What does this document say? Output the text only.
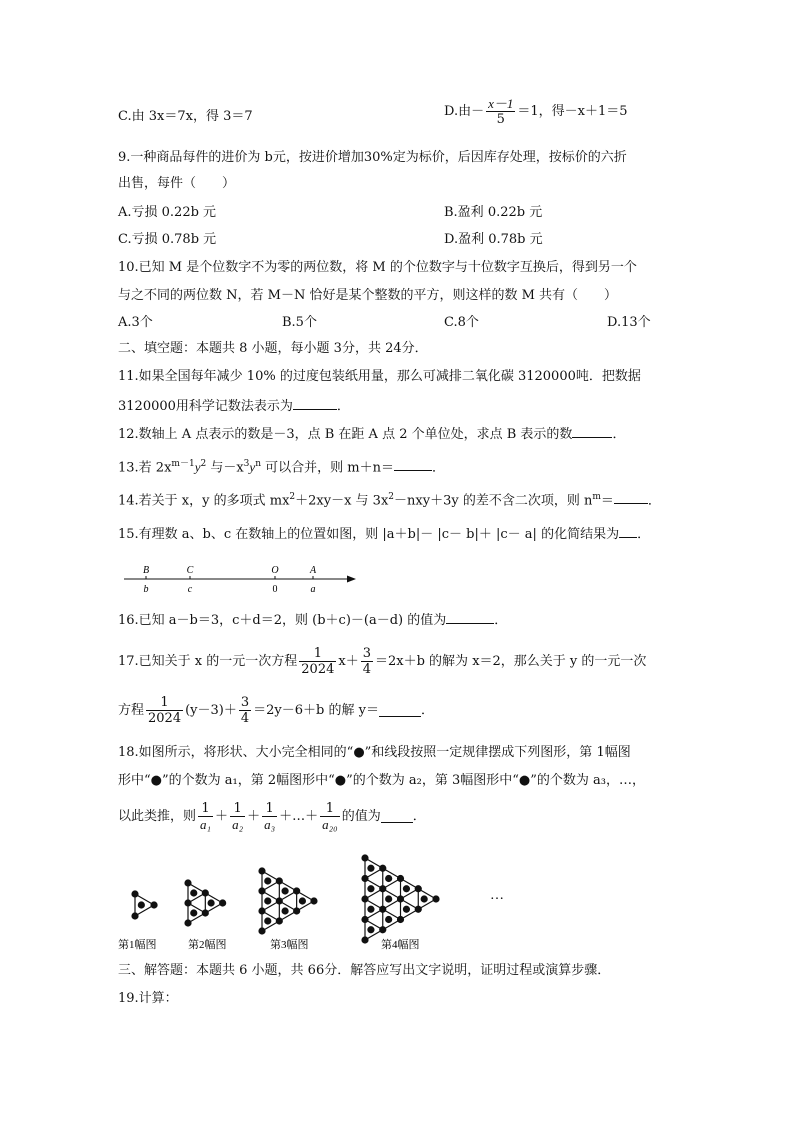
C.由 3x＝7x，得 3＝7	D.由－ $\frac{x-1}{5} =1$，得－x＋1＝5
9.一种商品每件的进价为 b元，按进价增加30%定为标价，后因库存处理，按标价的六折
出售，每件（　　）
A.亏损 0.22b 元	B.盈利 0.22b 元
C.亏损 0.78b 元	D.盈利 0.78b 元
10.已知 M 是个位数字不为零的两位数，将 M 的个位数字与十位数字互换后，得到另一个
与之不同的两位数 N，若 M－N 恰好是某个整数的平方，则这样的数 M 共有（　　）
A.3个	B.5个	C.8个	D.13个
二、填空题：本题共 8 小题，每小题 3分，共 24分．
11.如果全国每年减少 10% 的过度包装纸用量，那么可减排二氧化碳 3120000吨．把数据
3120000用科学记数法表示为	．
12.数轴上 A 点表示的数是－3，点 B 在距 A 点 2 个单位处，求点 B 表示的数	．
13.若 $2x^{m-1}y^2$ 与$-x^3y^n$ 可以合并，则 m＋n＝	．
14.若关于 x，y 的多项式 $mx^2+2xy-x$ 与 $3x^2-nxy+3y$ 的差不含二次项，则 $n^m=$	．
15.有理数 a、b、c 在数轴上的位置如图，则 |a＋b|－ |c－ b|＋ |c－ a| 的化简结果为 ．
B	C	O	A
b	c	0	a
16.已知 a－b＝3，c＋d＝2，则 (b＋c)－(a－d) 的值为	．
17.已知关于 x 的一元一次方程 $\frac{1}{2024} x+ \frac{3}{4} =2x+b$ 的解为 x＝2，那么关于 y 的一元一次
方程 $\frac{1}{2024} (y-3)+ \frac{3}{4} =2y-6+b$ 的解 y＝	．
18.如图所示，将形状、大小完全相同的“●”和线段按照一定规律摆成下列图形，第 1幅图
形中“●”的个数为 a₁，第 2幅图形中“●”的个数为 a₂，第 3幅图形中“●”的个数为 a₃，…，
以此类推，则 $\frac{1}{\text{a₁}} + \frac{1}{\text{a₂}} + \frac{1}{\text{a₃}}$ ＋…＋ $\frac{1}{\text{a₂₀}}$ 的值为 ．
…
第1幅图	第2幅图	第3幅图	第4幅图
三、解答题：本题共 6 小题，共 66分．解答应写出文字说明，证明过程或演算步骤．
19.计算：
